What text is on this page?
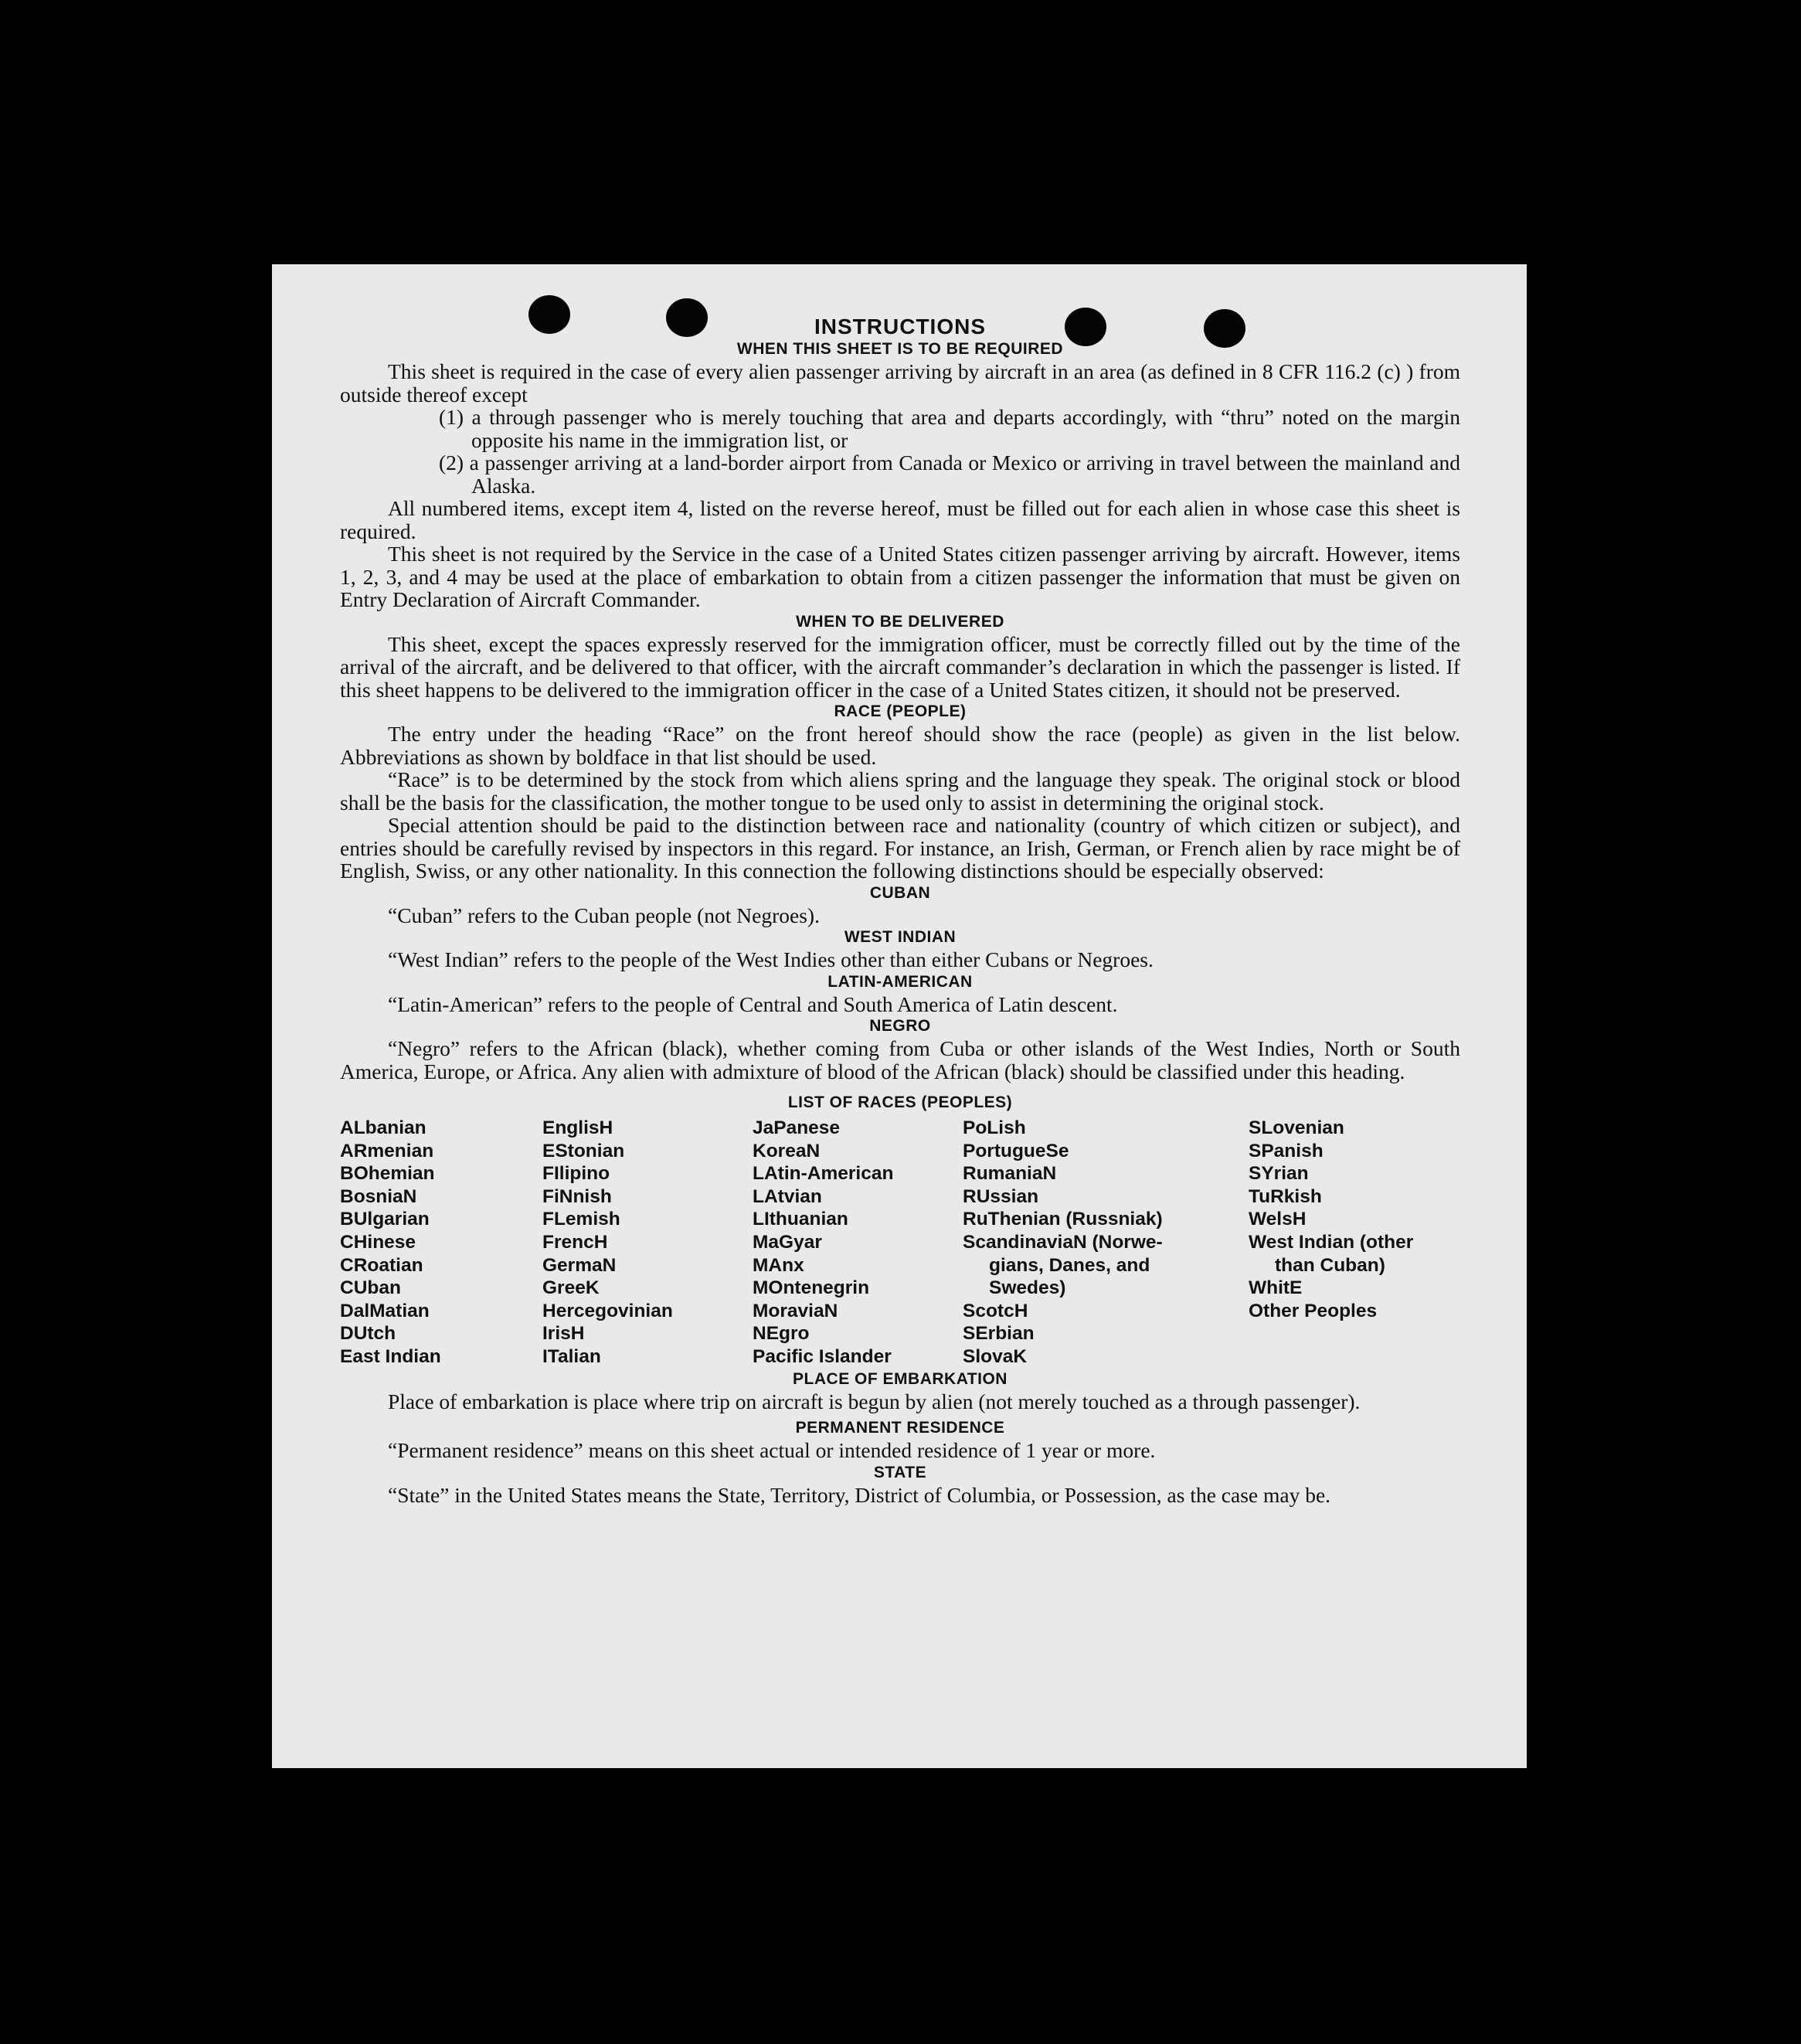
INSTRUCTIONS
WHEN THIS SHEET IS TO BE REQUIRED

This sheet is required in the case of every alien passenger arriving by aircraft in an area (as defined in 8 CFR 116.2 (c) ) from outside thereof except

(1) a through passenger who is merely touching that area and departs accordingly, with “thru” noted on the margin opposite his name in the immigration list, or

(2) a passenger arriving at a land-border airport from Canada or Mexico or arriving in travel between the mainland and Alaska.

All numbered items, except item 4, listed on the reverse hereof, must be filled out for each alien in whose case this sheet is required.

This sheet is not required by the Service in the case of a United States citizen passenger arriving by aircraft. However, items 1, 2, 3, and 4 may be used at the place of embarkation to obtain from a citizen passenger the information that must be given on Entry Declaration of Aircraft Commander.

WHEN TO BE DELIVERED

This sheet, except the spaces expressly reserved for the immigration officer, must be correctly filled out by the time of the arrival of the aircraft, and be delivered to that officer, with the aircraft commander’s declaration in which the passenger is listed. If this sheet happens to be delivered to the immigration officer in the case of a United States citizen, it should not be preserved.

RACE (PEOPLE)

The entry under the heading “Race” on the front hereof should show the race (people) as given in the list below. Abbreviations as shown by boldface in that list should be used.

“Race” is to be determined by the stock from which aliens spring and the language they speak. The original stock or blood shall be the basis for the classification, the mother tongue to be used only to assist in determining the original stock.

Special attention should be paid to the distinction between race and nationality (country of which citizen or subject), and entries should be carefully revised by inspectors in this regard. For instance, an Irish, German, or French alien by race might be of English, Swiss, or any other nationality. In this connection the following distinctions should be especially observed:

CUBAN

“Cuban” refers to the Cuban people (not Negroes).

WEST INDIAN

“West Indian” refers to the people of the West Indies other than either Cubans or Negroes.

LATIN-AMERICAN

“Latin-American” refers to the people of Central and South America of Latin descent.

NEGRO

“Negro” refers to the African (black), whether coming from Cuba or other islands of the West Indies, North or South America, Europe, or Africa. Any alien with admixture of blood of the African (black) should be classified under this heading.

LIST OF RACES (PEOPLES)
ALbanian
ARmenian
BOhemian
BosniaN
BUlgarian
CHinese
CRoatian
CUban
DalMatian
DUtch
East Indian
EnglisH
EStonian
FIlipino
FiNnish
FLemish
FrencH
GermaN
GreeK
Hercegovinian
IrisH
ITalian
JaPanese
KoreaN
LAtin-American
LAtvian
LIthuanian
MaGyar
MAnx
MOntenegrin
MoraviaN
NEgro
Pacific Islander
PoLish
PortugueSe
RumaniaN
RUssian
RuThenian (Russniak)
ScandinaviaN (Norwe-
gians, Danes, and
Swedes)
ScotcH
SErbian
SlovaK
SLovenian
SPanish
SYrian
TuRkish
WelsH
West Indian (other
than Cuban)
WhitE
Other Peoples
PLACE OF EMBARKATION

Place of embarkation is place where trip on aircraft is begun by alien (not merely touched as a through passenger).

PERMANENT RESIDENCE

“Permanent residence” means on this sheet actual or intended residence of 1 year or more.

STATE

“State” in the United States means the State, Territory, District of Columbia, or Possession, as the case may be.
